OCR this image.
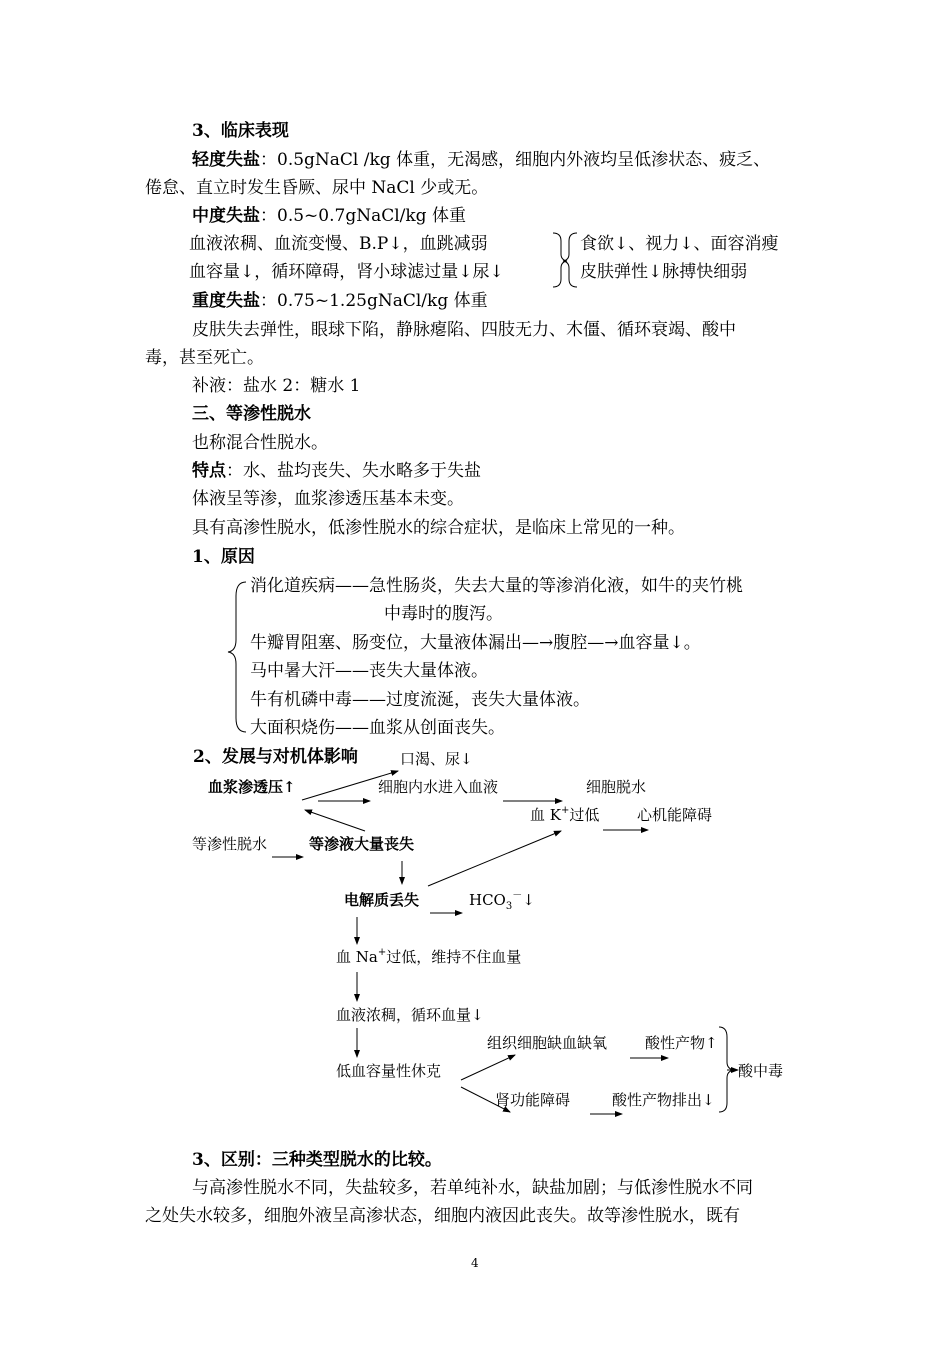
3、临床表现
轻度失盐：0.5gNaCl /kg 体重，无渴感，细胞内外液均呈低渗状态、疲乏、
倦怠、直立时发生昏厥、尿中 NaCl 少或无。
中度失盐：0.5~0.7gNaCl/kg 体重
血液浓稠、血流变慢、B.P↓，血跳减弱
血容量↓，循环障碍，肾小球滤过量↓尿↓
食欲↓、视力↓、面容消瘦
皮肤弹性↓脉搏快细弱
重度失盐：0.75~1.25gNaCl/kg 体重
皮肤失去弹性，眼球下陷，静脉瘪陷、四肢无力、木僵、循环衰竭、酸中
毒，甚至死亡。
补液：盐水 2：糖水 1
三、等渗性脱水
也称混合性脱水。
特点：水、盐均丧失、失水略多于失盐
体液呈等渗，血浆渗透压基本未变。
具有高渗性脱水，低渗性脱水的综合症状，是临床上常见的一种。
1、原因
消化道疾病——急性肠炎，失去大量的等渗消化液，如牛的夹竹桃
中毒时的腹泻。
牛瓣胃阻塞、肠变位，大量液体漏出—→腹腔—→血容量↓。
马中暑大汗——丧失大量体液。
牛有机磷中毒——过度流涎，丧失大量体液。
大面积烧伤——血浆从创面丧失。
2、发展与对机体影响	口渴、尿↓
血浆渗透压↑	细胞内水进入血液	细胞脱水
血 K+过低	心机能障碍
等渗性脱水	等渗液大量丧失
电解质丢失	$HCO_3^-↓$
血 Na+过低，维持不住血量
血液浓稠，循环血量↓
组织细胞缺血缺氧	酸性产物↑
低血容量性休克	酸中毒
肾功能障碍	酸性产物排出↓
3、区别：三种类型脱水的比较。
与高渗性脱水不同，失盐较多，若单纯补水，缺盐加剧；与低渗性脱水不同
之处失水较多，细胞外液呈高渗状态，细胞内液因此丧失。故等渗性脱水，既有
4
